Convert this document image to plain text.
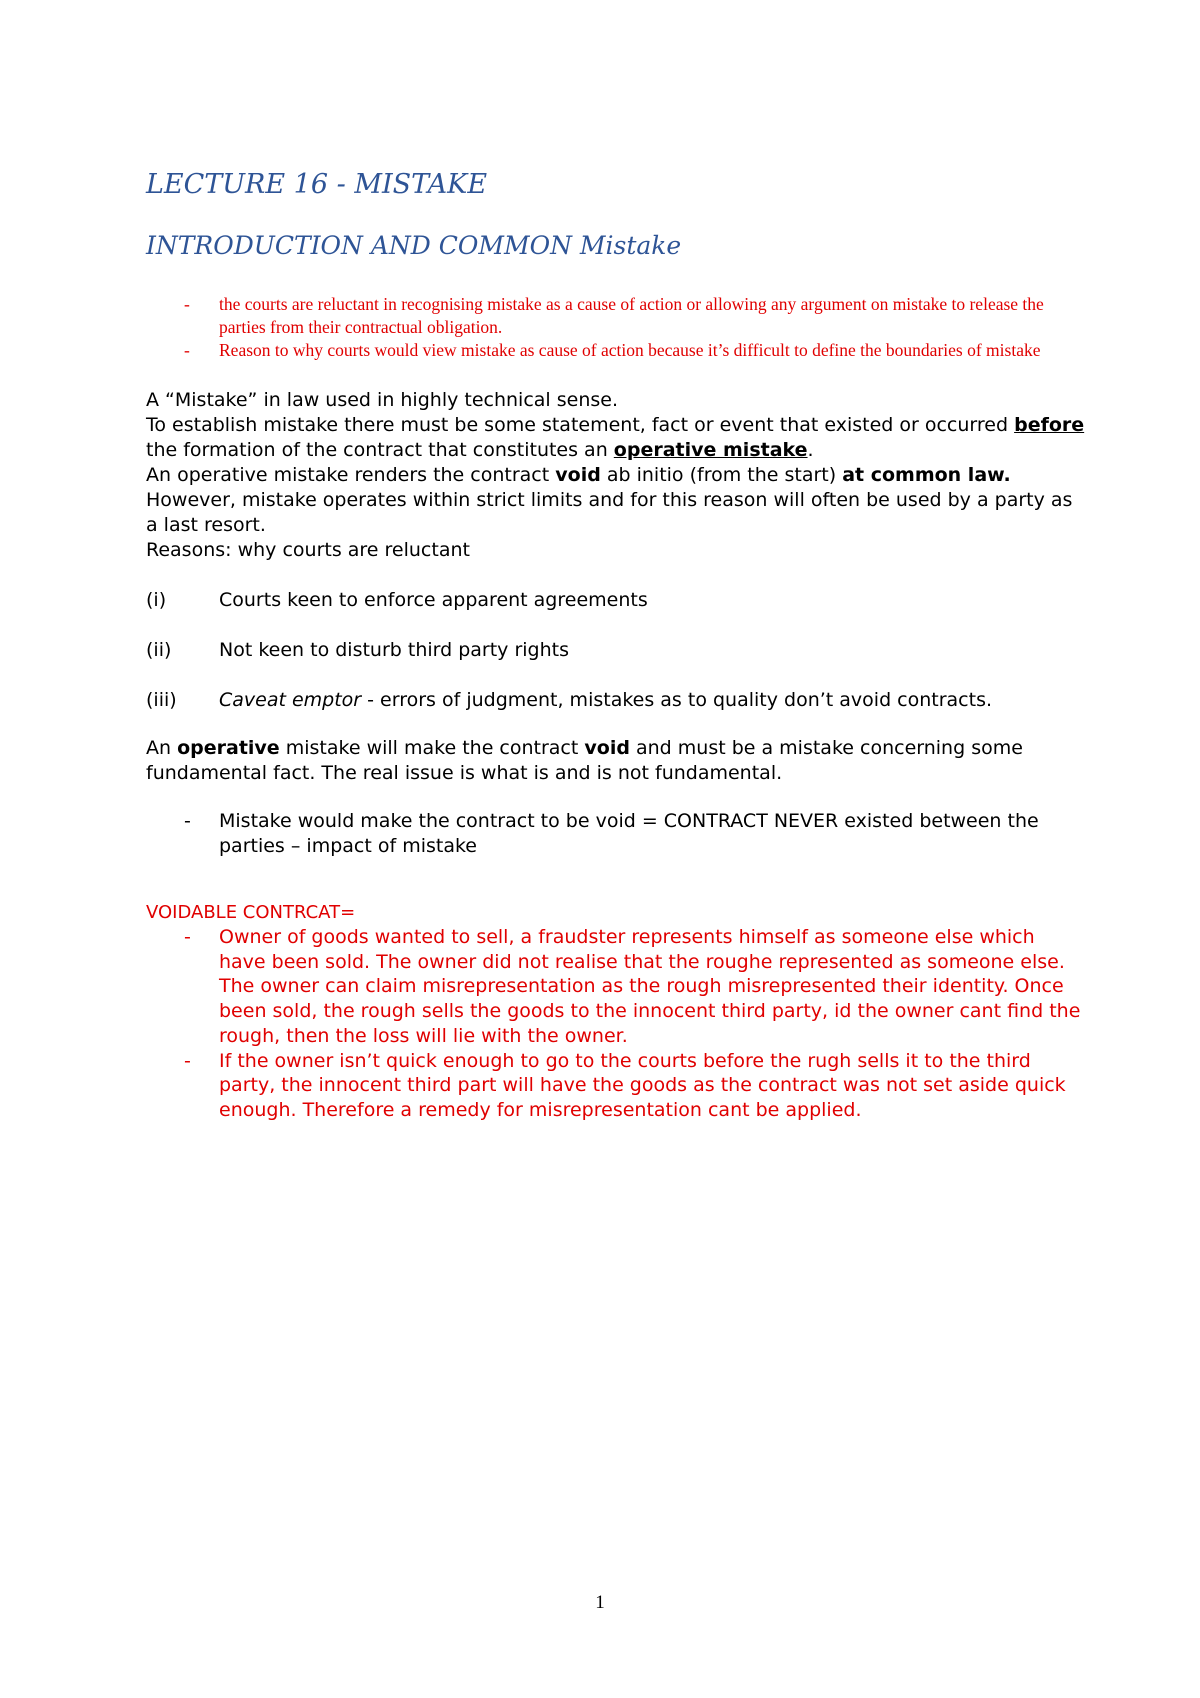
LECTURE 16 - MISTAKE
INTRODUCTION AND COMMON Mistake
- the courts are reluctant in recognising mistake as a cause of action or allowing any argument on mistake to release the parties from their contractual obligation.
- Reason to why courts would view mistake as cause of action because it’s difficult to define the boundaries of mistake

A “Mistake” in law used in highly technical sense.

To establish mistake there must be some statement, fact or event that existed or occurred before the formation of the contract that constitutes an operative mistake.

An operative mistake renders the contract void ab initio (from the start) at common law. However, mistake operates within strict limits and for this reason will often be used by a party as a last resort.

Reasons: why courts are reluctant

(i)	Courts keen to enforce apparent agreements
(ii)	Not keen to disturb third party rights
(iii)	Caveat emptor - errors of judgment, mistakes as to quality don’t avoid contracts.

An operative mistake will make the contract void and must be a mistake concerning some fundamental fact. The real issue is what is and is not fundamental.

- Mistake would make the contract to be void = CONTRACT NEVER existed between the parties – impact of mistake
VOIDABLE CONTRCAT=
- Owner of goods wanted to sell, a fraudster represents himself as someone else which have been sold. The owner did not realise that the roughe represented as someone else. The owner can claim misrepresentation as the rough misrepresented their identity. Once been sold, the rough sells the goods to the innocent third party, id the owner cant find the rough, then the loss will lie with the owner.
- If the owner isn’t quick enough to go to the courts before the rugh sells it to the third party, the innocent third part will have the goods as the contract was not set aside quick enough. Therefore a remedy for misrepresentation cant be applied.
1
